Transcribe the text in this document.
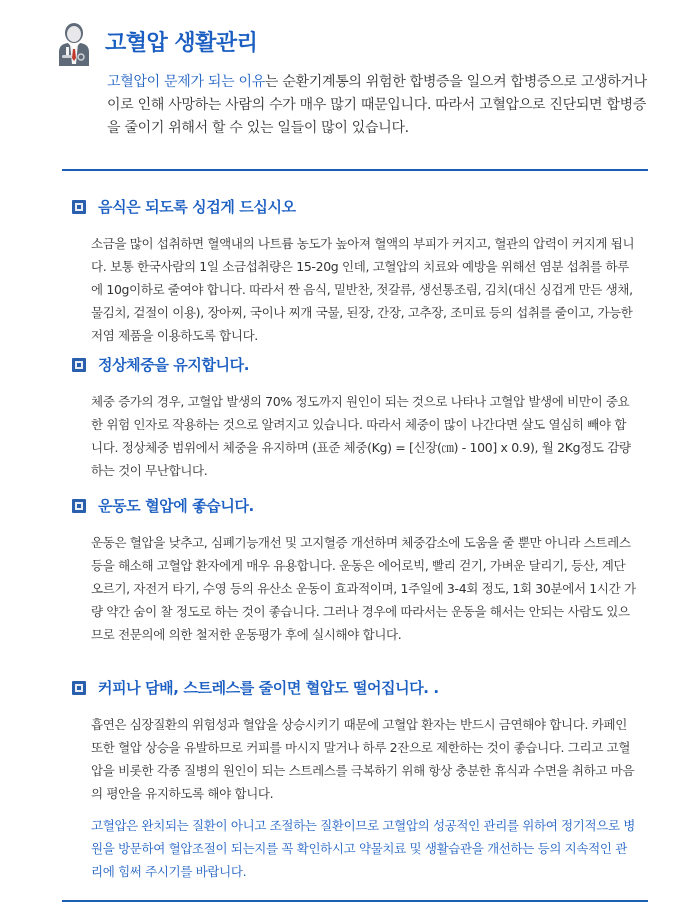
고혈압 생활관리
고혈압이 문제가 되는 이유는 순환기계통의 위험한 합병증을 일으켜 합병증으로 고생하거나 이로 인해 사망하는 사람의 수가 매우 많기 때문입니다. 따라서 고혈압으로 진단되면 합병증을 줄이기 위해서 할 수 있는 일들이 많이 있습니다.
음식은 되도록 싱겁게 드십시오
소금을 많이 섭취하면 혈액내의 나트륨 농도가 높아져 혈액의 부피가 커지고, 혈관의 압력이 커지게 됩니다. 보통 한국사람의 1일 소금섭취량은 15-20g 인데, 고혈압의 치료와 예방을 위해선 염분 섭취를 하루에 10g이하로 줄여야 합니다. 따라서 짠 음식, 밑반찬, 젓갈류, 생선통조림, 김치(대신 싱겁게 만든 생채, 물김치, 겉절이 이용), 장아찌, 국이나 찌개 국물, 된장, 간장, 고추장, 조미료 등의 섭취를 줄이고, 가능한 저염 제품을 이용하도록 합니다.
정상체중을 유지합니다.
체중 증가의 경우, 고혈압 발생의 70% 정도까지 원인이 되는 것으로 나타나 고혈압 발생에 비만이 중요한 위험 인자로 작용하는 것으로 알려지고 있습니다. 따라서 체중이 많이 나간다면 살도 열심히 빼야 합니다. 정상체중 범위에서 체중을 유지하며 (표준 체중(Kg) = [신장(㎝) - 100] x 0.9), 월 2Kg정도 감량하는 것이 무난합니다.
운동도 혈압에 좋습니다.
운동은 혈압을 낮추고, 심폐기능개선 및 고지혈증 개선하며 체중감소에 도움을 줄 뿐만 아니라 스트레스 등을 해소해 고혈압 환자에게 매우 유용합니다. 운동은 에어로빅, 빨리 걷기, 가벼운 달리기, 등산, 계단 오르기, 자전거 타기, 수영 등의 유산소 운동이 효과적이며, 1주일에 3-4회 정도, 1회 30분에서 1시간 가량 약간 숨이 찰 정도로 하는 것이 좋습니다. 그러나 경우에 따라서는 운동을 해서는 안되는 사람도 있으므로 전문의에 의한 철저한 운동평가 후에 실시해야 합니다.
커피나 담배, 스트레스를 줄이면 혈압도 떨어집니다. .
흡연은 심장질환의 위험성과 혈압을 상승시키기 때문에 고혈압 환자는 반드시 금연해야 합니다. 카페인 또한 혈압 상승을 유발하므로 커피를 마시지 말거나 하루 2잔으로 제한하는 것이 좋습니다. 그리고 고혈압을 비롯한 각종 질병의 원인이 되는 스트레스를 극복하기 위해 항상 충분한 휴식과 수면을 취하고 마음의 평안을 유지하도록 해야 합니다.
고혈압은 완치되는 질환이 아니고 조절하는 질환이므로 고혈압의 성공적인 관리를 위하여 정기적으로 병원을 방문하여 혈압조절이 되는지를 꼭 확인하시고 약물치료 및 생활습관을 개선하는 등의 지속적인 관리에 힘써 주시기를 바랍니다.
